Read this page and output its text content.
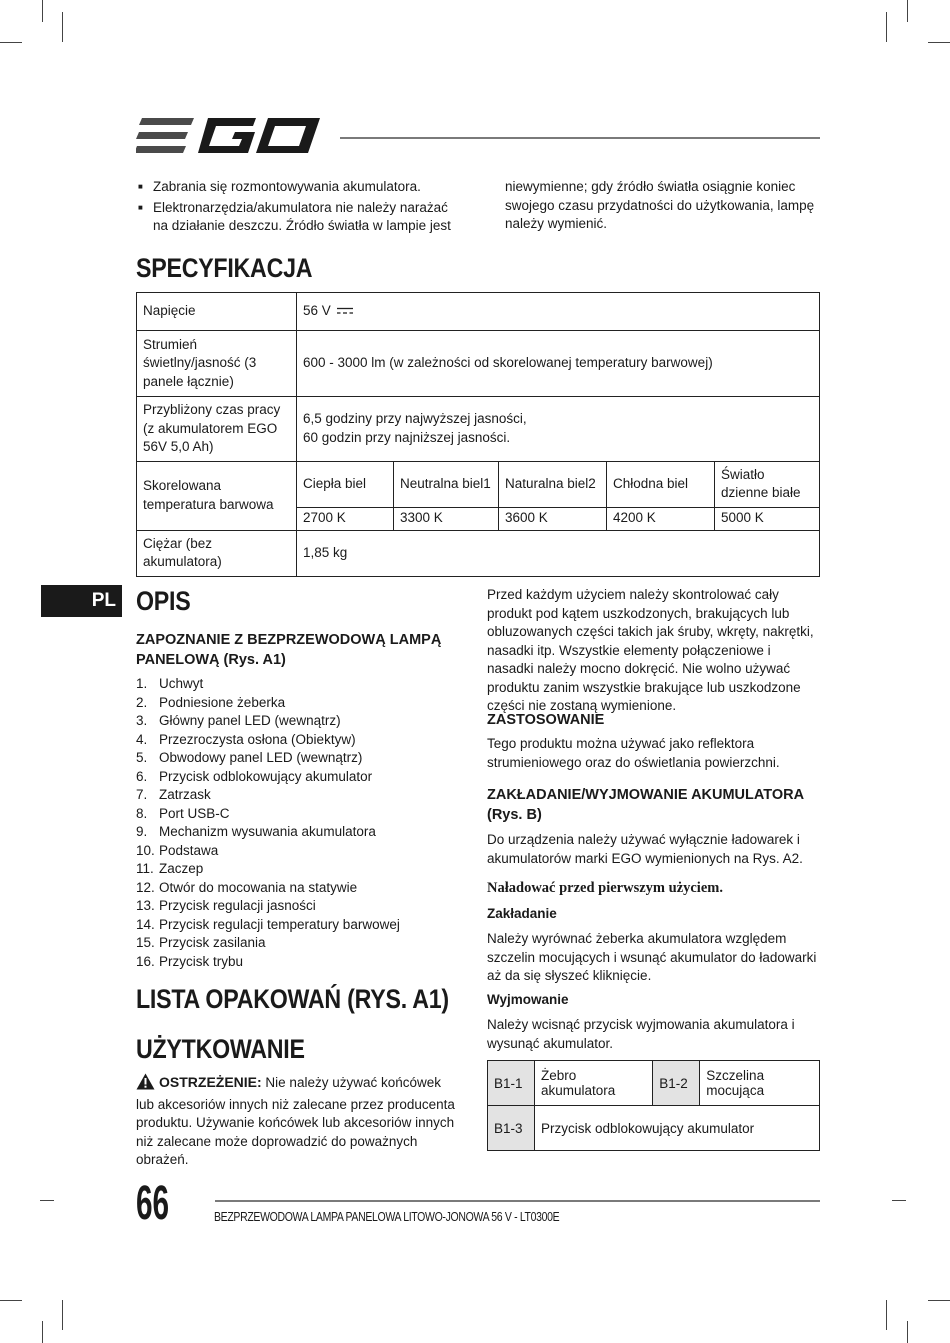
■ Zabrania się rozmontowywania akumulatora.
■ Elektronarzędzia/akumulatora nie należy narażać na działanie deszczu. Źródło światła w lampie jest
niewymienne; gdy źródło światła osiągnie koniec swojego czasu przydatności do użytkowania, lampę należy wymienić.
SPECYFIKACJA
Napięcie	56 V				
Strumień świetlny/jasność (3 panele łącznie)	600 - 3000 lm (w zależności od skorelowanej temperatury barwowej)				
Przybliżony czas pracy (z akumulatorem EGO 56V 5,0 Ah)	6,5 godziny przy najwyższej jasności,
60 godzin przy najniższej jasności.				

Skorelowana temperatura barwowa	Ciepła biel	Neutralna biel1	Naturalna biel2	Chłodna biel	Światło dzienne białe
	2700 K	3300 K	3600 K	4200 K	5000 K
Ciężar (bez akumulatora)	1,85 kg				
PL OPIS
ZAPOZNANIE Z BEZPRZEWODOWĄ LAMPĄ PANELOWĄ (Rys. A1)
1. Uchwyt
2. Podniesione żeberka
3. Główny panel LED (wewnątrz)
4. Przezroczysta osłona (Obiektyw)
5. Obwodowy panel LED (wewnątrz)
6. Przycisk odblokowujący akumulator
7. Zatrzask
8. Port USB-C
9. Mechanizm wysuwania akumulatora
10. Podstawa
11. Zaczep
12. Otwór do mocowania na statywie
13. Przycisk regulacji jasności
14. Przycisk regulacji temperatury barwowej
15. Przycisk zasilania
16. Przycisk trybu
LISTA OPAKOWAŃ (RYS. A1)
UŻYTKOWANIE
OSTRZEŻENIE: Nie należy używać końcówek lub akcesoriów innych niż zalecane przez producenta produktu. Używanie końcówek lub akcesoriów innych niż zalecane może doprowadzić do poważnych obrażeń.
Przed każdym użyciem należy skontrolować cały produkt pod kątem uszkodzonych, brakujących lub obluzowanych części takich jak śruby, wkręty, nakrętki, nasadki itp. Wszystkie elementy połączeniowe i nasadki należy mocno dokręcić. Nie wolno używać produktu zanim wszystkie brakujące lub uszkodzone części nie zostaną wymienione.
ZASTOSOWANIE
Tego produktu można używać jako reflektora strumieniowego oraz do oświetlania powierzchni.
ZAKŁADANIE/WYJMOWANIE AKUMULATORA (Rys. B)
Do urządzenia należy używać wyłącznie ładowarek i akumulatorów marki EGO wymienionych na Rys. A2.
Naładować przed pierwszym użyciem.
Zakładanie
Należy wyrównać żeberka akumulatora względem szczelin mocujących i wsunąć akumulator do ładowarki aż da się słyszeć kliknięcie.
Wyjmowanie
Należy wcisnąć przycisk wyjmowania akumulatora i wysunąć akumulator.
B1-1	Żebro akumulatora	B1-2	Szczelina mocująca
B1-3	Przycisk odblokowujący akumulator		
66	BEZPRZEWODOWA LAMPA PANELOWA LITOWO-JONOWA 56 V - LT0300E
